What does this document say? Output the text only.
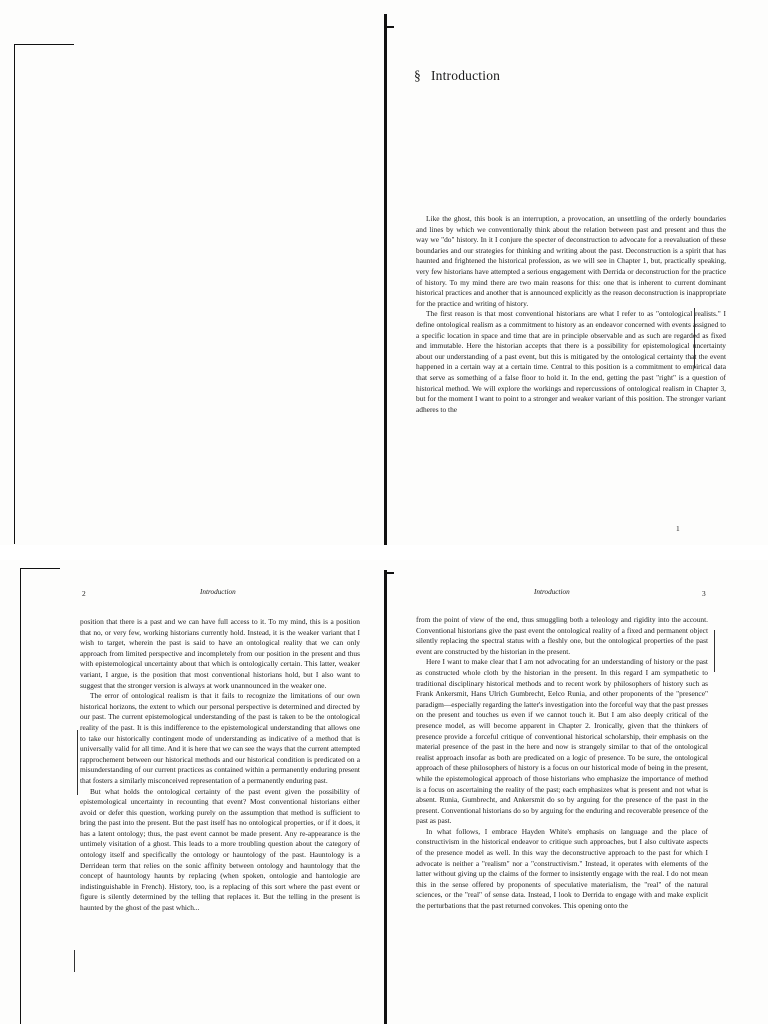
§ Introduction

Like the ghost, this book is an interruption, a provocation, an unsettling of the orderly boundaries and lines by which we conventionally think about the relation between past and present and thus the way we "do" history. In it I conjure the specter of deconstruction to advocate for a reevaluation of these boundaries and our strategies for thinking and writing about the past. Deconstruction is a spirit that has haunted and frightened the historical profession, as we will see in Chapter 1, but, practically speaking, very few historians have attempted a serious engagement with Derrida or deconstruction for the practice of history. To my mind there are two main reasons for this: one that is inherent to current dominant historical practices and another that is announced explicitly as the reason deconstruction is inappropriate for the practice and writing of history.

The first reason is that most conventional historians are what I refer to as "ontological realists." I define ontological realism as a commitment to history as an endeavor concerned with events assigned to a specific location in space and time that are in principle observable and as such are regarded as fixed and immutable. Here the historian accepts that there is a possibility for epistemological uncertainty about our understanding of a past event, but this is mitigated by the ontological certainty that the event happened in a certain way at a certain time. Central to this position is a commitment to empirical data that serve as something of a false floor to hold it. In the end, getting the past "right" is a question of historical method. We will explore the workings and repercussions of ontological realism in Chapter 3, but for the moment I want to point to a stronger and weaker variant of this position. The stronger variant adheres to the

1
2	Introduction

position that there is a past and we can have full access to it. To my mind, this is a position that no, or very few, working historians currently hold. Instead, it is the weaker variant that I wish to target, wherein the past is said to have an ontological reality that we can only approach from limited perspective and incompletely from our position in the present and thus with epistemological uncertainty about that which is ontologically certain. This latter, weaker variant, I argue, is the position that most conventional historians hold, but I also want to suggest that the stronger version is always at work unannounced in the weaker one.

The error of ontological realism is that it fails to recognize the limitations of our own historical horizons, the extent to which our personal perspective is determined and directed by our past. The current epistemological understanding of the past is taken to be the ontological reality of the past. It is this indifference to the epistemological understanding that allows one to take our historically contingent mode of understanding as indicative of a method that is universally valid for all time. And it is here that we can see the ways that the current attempted rapprochement between our historical methods and our historical condition is predicated on a misunderstanding of our current practices as contained within a permanently enduring present that fosters a similarly misconceived representation of a permanently enduring past.

But what holds the ontological certainty of the past event given the possibility of epistemological uncertainty in recounting that event? Most conventional historians either avoid or defer this question, working purely on the assumption that method is sufficient to bring the past into the present. But the past itself has no ontological properties, or if it does, it has a latent ontology; thus, the past event cannot be made present. Any re-appearance is the untimely visitation of a ghost. This leads to a more troubling question about the category of ontology itself and specifically the ontology or hauntology of the past. Hauntology is a Derridean term that relies on the sonic affinity between ontology and hauntology that the concept of hauntology haunts by replacing (when spoken, ontologie and hantologie are indistinguishable in French). History, too, is a replacing of this sort where the past event or figure is silently determined by the telling that replaces it. But the telling in the present is haunted by the ghost of the past which...

Introduction	3

from the point of view of the end, thus smuggling both a teleology and rigidity into the account. Conventional historians give the past event the ontological reality of a fixed and permanent object silently replacing the spectral status with a fleshly one, but the ontological properties of the past event are constructed by the historian in the present.

Here I want to make clear that I am not advocating for an understanding of history or the past as constructed whole cloth by the historian in the present. In this regard I am sympathetic to traditional disciplinary historical methods and to recent work by philosophers of history such as Frank Ankersmit, Hans Ulrich Gumbrecht, Eelco Runia, and other proponents of the "presence" paradigm—especially regarding the latter's investigation into the forceful way that the past presses on the present and touches us even if we cannot touch it. But I am also deeply critical of the presence model, as will become apparent in Chapter 2. Ironically, given that the thinkers of presence provide a forceful critique of conventional historical scholarship, their emphasis on the material presence of the past in the here and now is strangely similar to that of the ontological realist approach insofar as both are predicated on a logic of presence. To be sure, the ontological approach of these philosophers of history is a focus on our historical mode of being in the present, while the epistemological approach of those historians who emphasize the importance of method is a focus on ascertaining the reality of the past; each emphasizes what is present and not what is absent. Runia, Gumbrecht, and Ankersmit do so by arguing for the presence of the past in the present. Conventional historians do so by arguing for the enduring and recoverable presence of the past as past.

In what follows, I embrace Hayden White's emphasis on language and the place of constructivism in the historical endeavor to critique such approaches, but I also cultivate aspects of the presence model as well. In this way the deconstructive approach to the past for which I advocate is neither a "realism" nor a "constructivism." Instead, it operates with elements of the latter without giving up the claims of the former to insistently engage with the real. I do not mean this in the sense offered by proponents of speculative materialism, the "real" of the natural sciences, or the "real" of sense data. Instead, I look to Derrida to engage with and make explicit the perturbations that the past returned convokes. This opening onto the
